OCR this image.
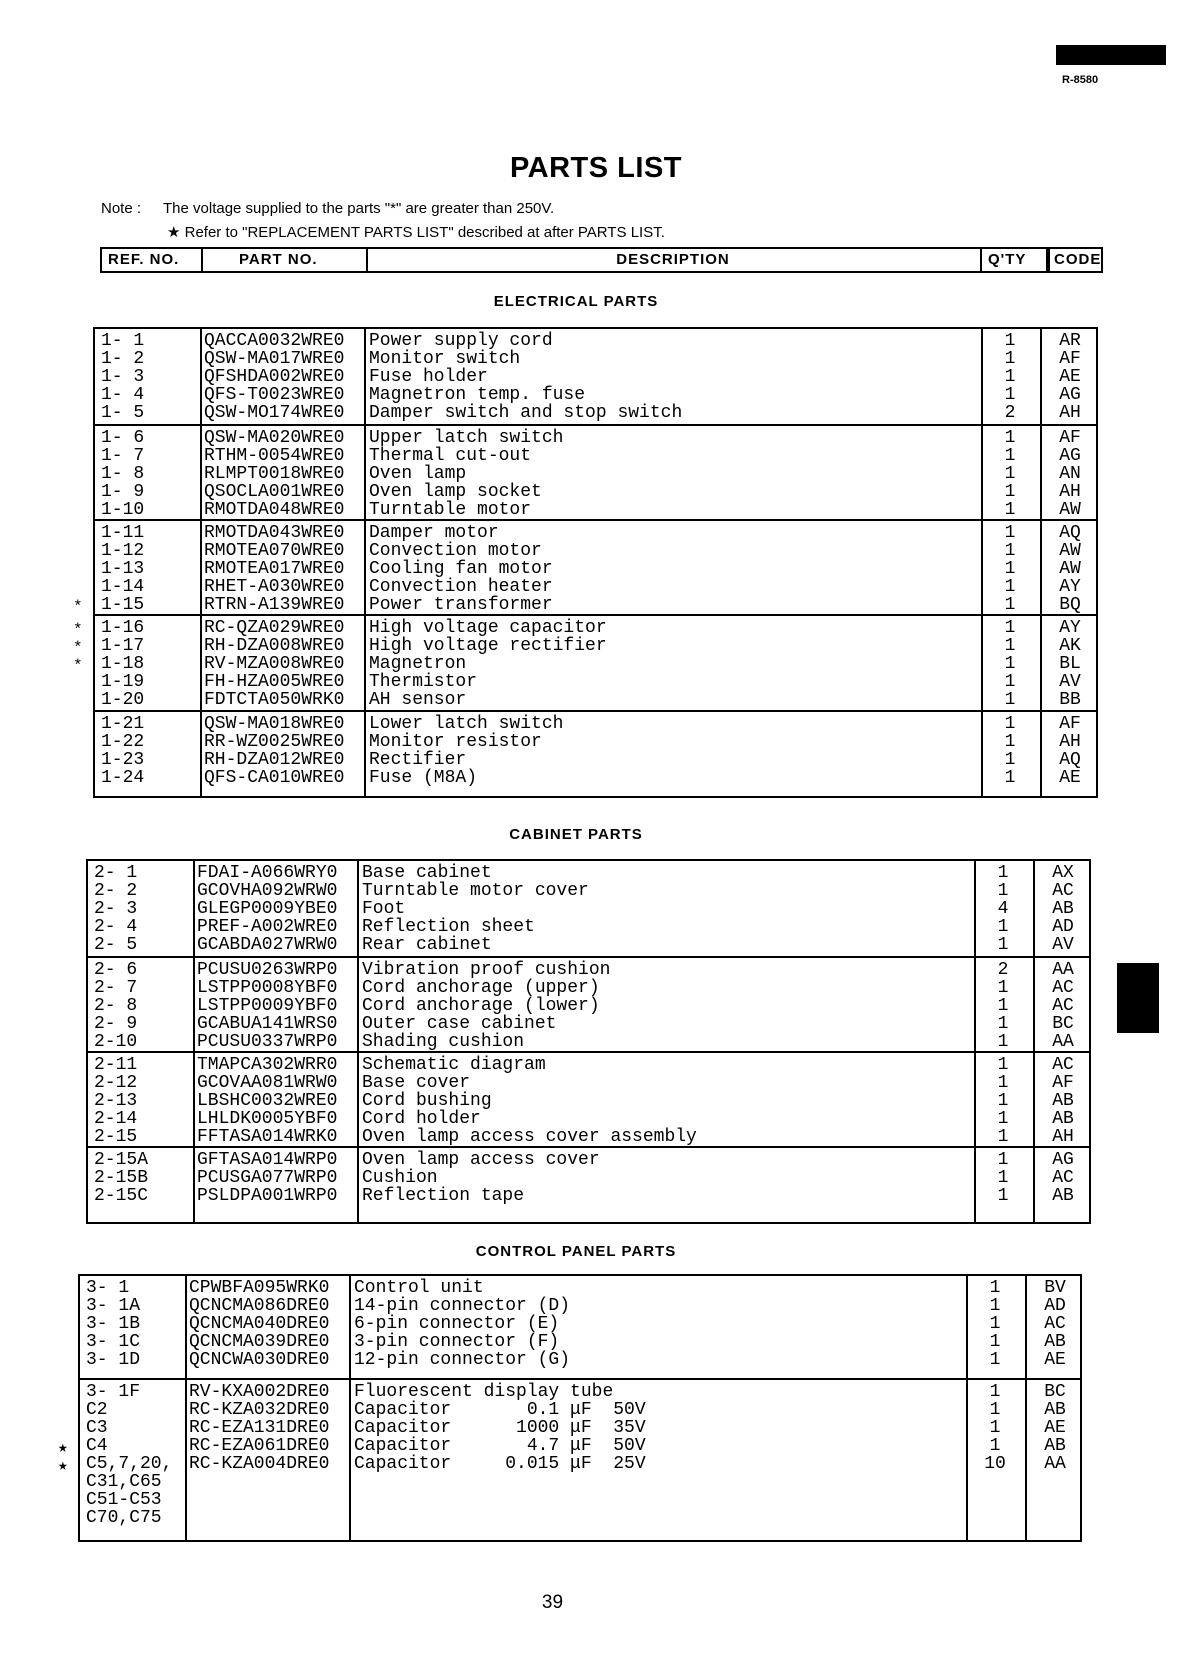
R-8580
PARTS LIST
Note : The voltage supplied to the parts "*" are greater than 250V.
★ Refer to "REPLACEMENT PARTS LIST" described at after PARTS LIST.
REF. NO.	PART NO.	DESCRIPTION	Q'TY	CODE
ELECTRICAL PARTS
CABINET PARTS
CONTROL PANEL PARTS
1- 1	QACCA0032WRE0 Power supply cord	1	AR
1- 2	QSW-MA017WRE0 Monitor switch	1	AF
1- 3	QFSHDA002WRE0 Fuse holder	1	AE
1- 4	QFS-T0023WRE0 Magnetron temp. fuse	1	AG
1- 5	QSW-MO174WRE0 Damper switch and stop switch	2	AH
1- 6	QSW-MA020WRE0 Upper latch switch	1	AF
1- 7	RTHM-0054WRE0 Thermal cut-out	1	AG
1- 8	RLMPT0018WRE0 Oven lamp	1	AN
1- 9	QSOCLA001WRE0 Oven lamp socket	1	AH
1-10	RMOTDA048WRE0 Turntable motor	1	AW
1-11	RMOTDA043WRE0 Damper motor	1	AQ
1-12	RMOTEA070WRE0 Convection motor	1	AW
1-13	RMOTEA017WRE0 Cooling fan motor	1	AW
1-14	RHET-A030WRE0 Convection heater	1	AY
1-15	RTRN-A139WRE0 Power transformer	1	BQ
*
1-16	RC-QZA029WRE0 High voltage capacitor	1	AY
*
1-17	RH-DZA008WRE0 High voltage rectifier	1	AK
*
1-18	RV-MZA008WRE0 Magnetron	1	BL
*
1-19	FH-HZA005WRE0 Thermistor	1	AV
1-20	FDTCTA050WRK0 AH sensor	1	BB
1-21	QSW-MA018WRE0 Lower latch switch	1	AF
1-22	RR-WZ0025WRE0 Monitor resistor	1	AH
1-23	RH-DZA012WRE0 Rectifier	1	AQ
1-24	QFS-CA010WRE0 Fuse (M8A)	1	AE
2- 1	FDAI-A066WRY0 Base cabinet	1	AX
2- 2	GCOVHA092WRW0 Turntable motor cover	1	AC
2- 3	GLEGP0009YBE0 Foot	4	AB
2- 4	PREF-A002WRE0 Reflection sheet	1	AD
2- 5	GCABDA027WRW0 Rear cabinet	1	AV
2- 6	PCUSU0263WRP0 Vibration proof cushion	2	AA
2- 7	LSTPP0008YBF0 Cord anchorage (upper)	1	AC
2- 8	LSTPP0009YBF0 Cord anchorage (lower)	1	AC
2- 9	GCABUA141WRS0 Outer case cabinet	1	BC
2-10	PCUSU0337WRP0 Shading cushion	1	AA
2-11	TMAPCA302WRR0 Schematic diagram	1	AC
2-12	GCOVAA081WRW0 Base cover	1	AF
2-13	LBSHC0032WRE0 Cord bushing	1	AB
2-14	LHLDK0005YBF0 Cord holder	1	AB
2-15	FFTASA014WRK0 Oven lamp access cover assembly	1	AH
2-15A	GFTASA014WRP0 Oven lamp access cover	1	AG
2-15B	PCUSGA077WRP0 Cushion	1	AC
2-15C	PSLDPA001WRP0 Reflection tape	1	AB
3- 1	CPWBFA095WRK0 Control unit	1	BV
3- 1A	QCNCMA086DRE0 14-pin connector (D)	1	AD
3- 1B	QCNCMA040DRE0 6-pin connector (E)	1	AC
3- 1C	QCNCMA039DRE0 3-pin connector (F)	1	AB
3- 1D	QCNCWA030DRE0 12-pin connector (G)	1	AE
3- 1F	RV-KXA002DRE0 Fluorescent display tube	1	BC
C2	RC-KZA032DRE0 Capacitor       0.1 μF  50V	1	AB
C3	RC-EZA131DRE0 Capacitor      1000 μF  35V	1	AE
C4	RC-EZA061DRE0 Capacitor       4.7 μF  50V	1	AB
★
C5,7,20, RC-KZA004DRE0 Capacitor     0.015 μF  25V	10	AA
★
C31,C65
C51-C53
C70,C75
39
